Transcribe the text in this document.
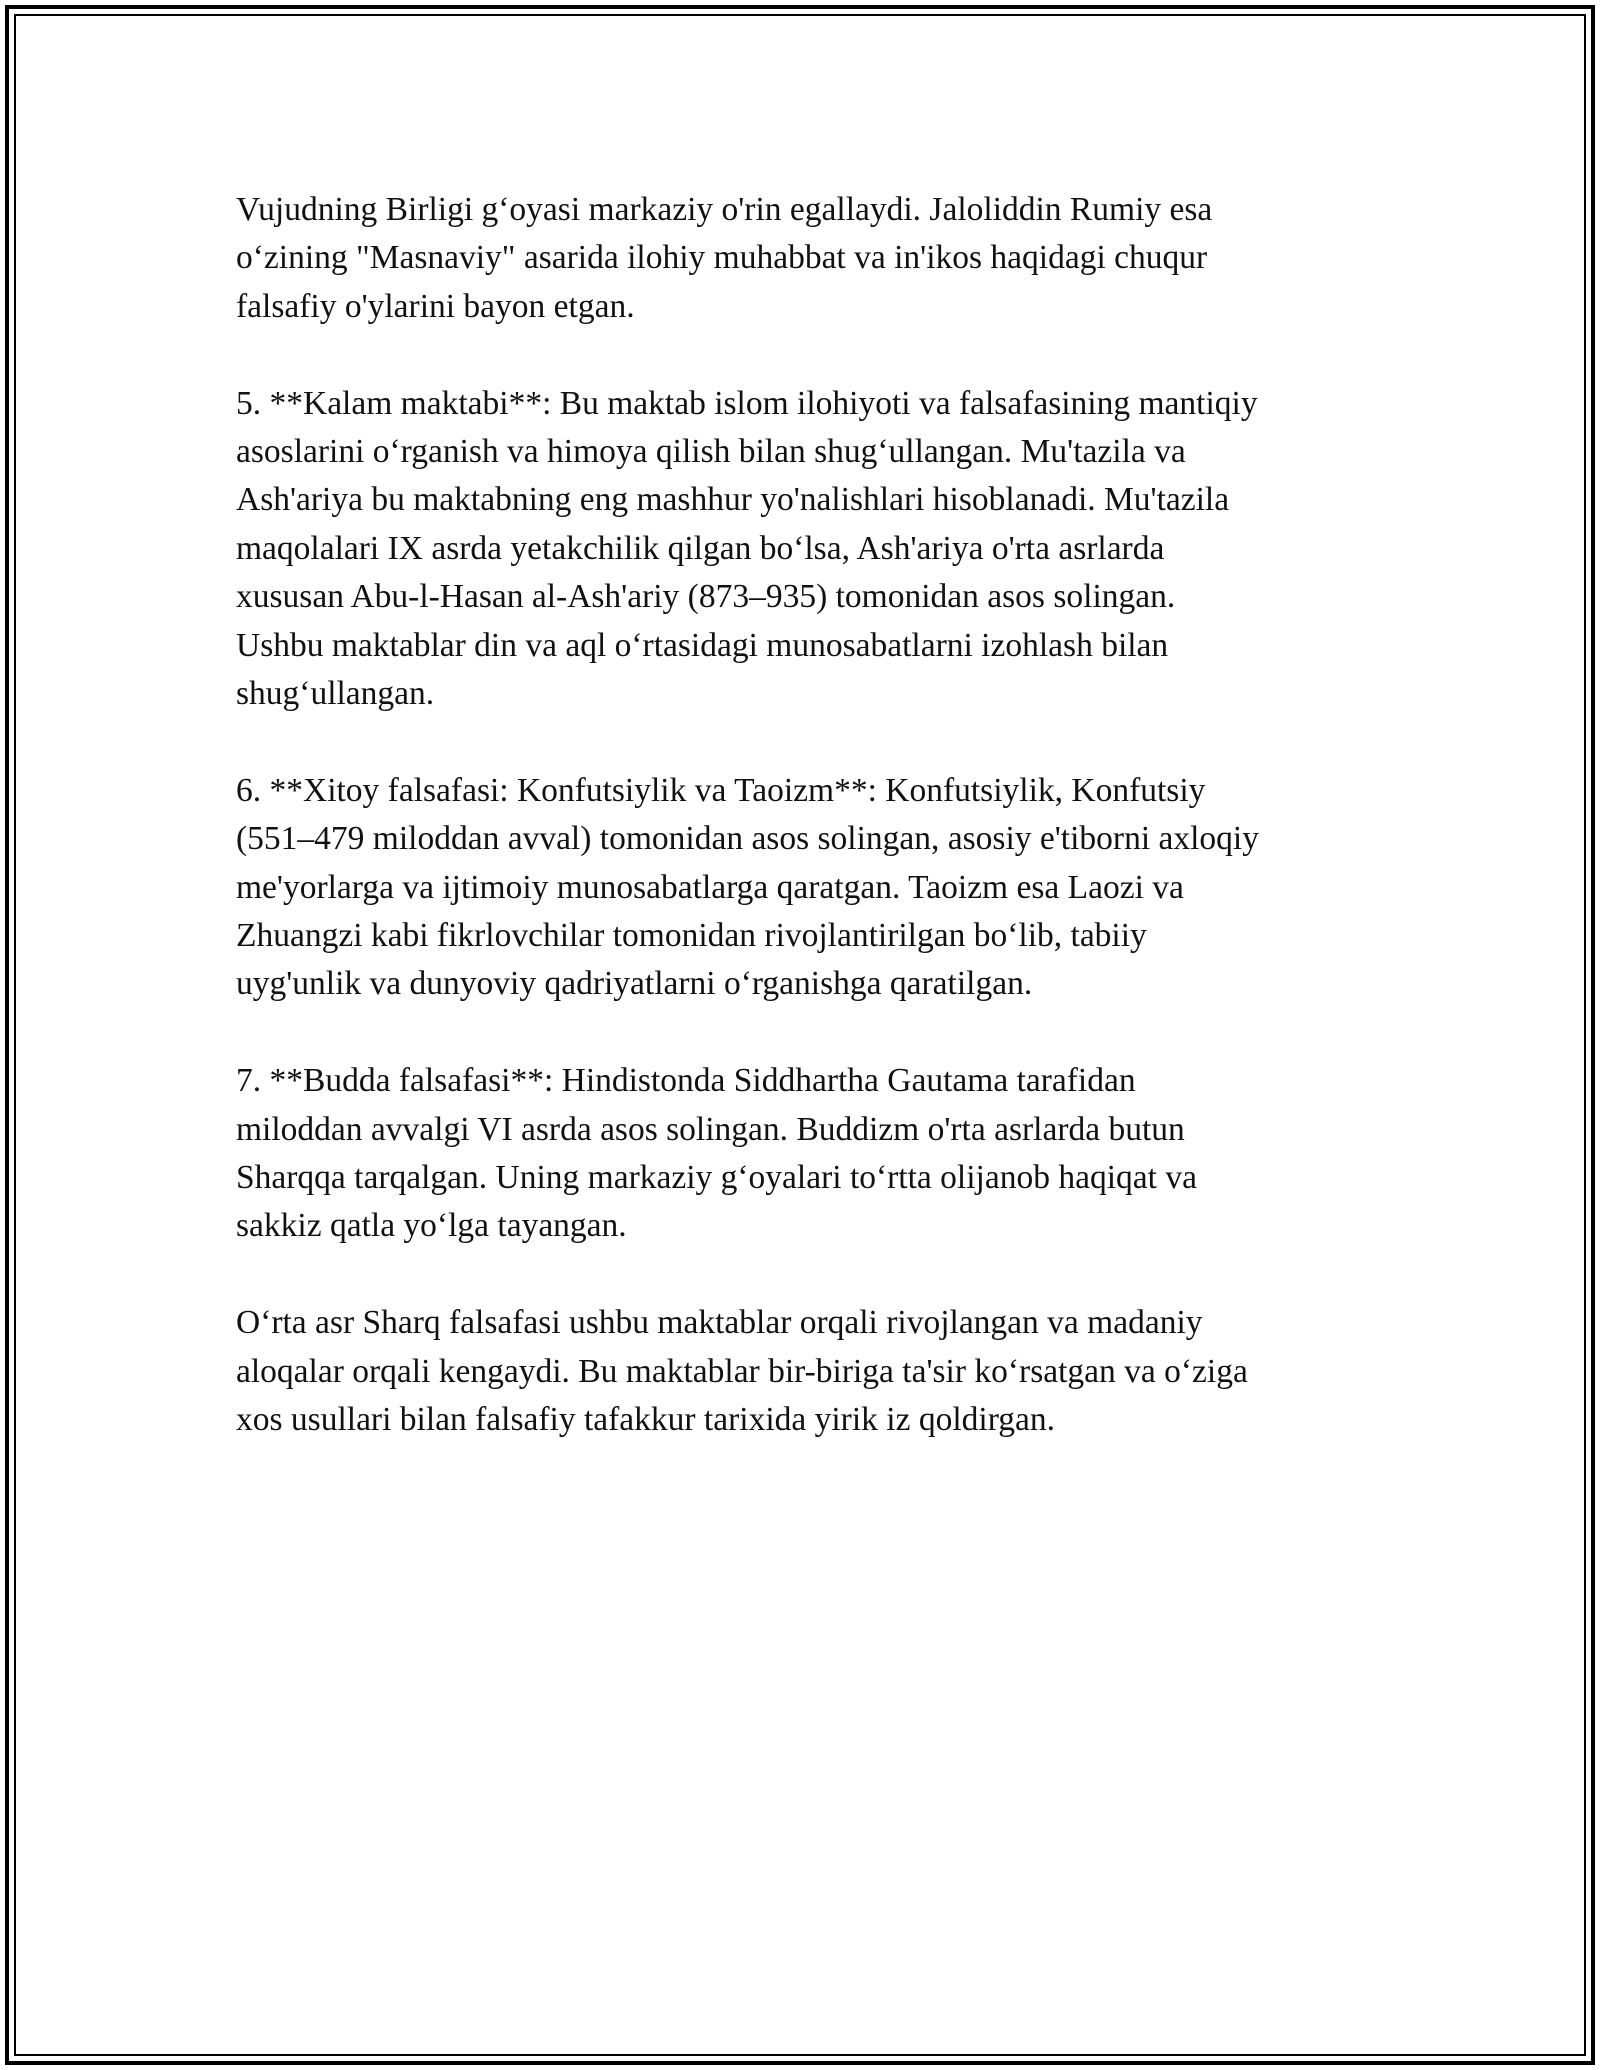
Vujudning Birligi g‘oyasi markaziy o'rin egallaydi. Jaloliddin Rumiy esa
o‘zining "Masnaviy" asarida ilohiy muhabbat va in'ikos haqidagi chuqur
falsafiy o'ylarini bayon etgan.

5. **Kalam maktabi**: Bu maktab islom ilohiyoti va falsafasining mantiqiy
asoslarini o‘rganish va himoya qilish bilan shug‘ullangan. Mu'tazila va
Ash'ariya bu maktabning eng mashhur yo'nalishlari hisoblanadi. Mu'tazila
maqolalari IX asrda yetakchilik qilgan bo‘lsa, Ash'ariya o'rta asrlarda
xususan Abu-l-Hasan al-Ash'ariy (873–935) tomonidan asos solingan.
Ushbu maktablar din va aql o‘rtasidagi munosabatlarni izohlash bilan
shug‘ullangan.

6. **Xitoy falsafasi: Konfutsiylik va Taoizm**: Konfutsiylik, Konfutsiy
(551–479 miloddan avval) tomonidan asos solingan, asosiy e'tiborni axloqiy
me'yorlarga va ijtimoiy munosabatlarga qaratgan. Taoizm esa Laozi va
Zhuangzi kabi fikrlovchilar tomonidan rivojlantirilgan bo‘lib, tabiiy
uyg'unlik va dunyoviy qadriyatlarni o‘rganishga qaratilgan.

7. **Budda falsafasi**: Hindistonda Siddhartha Gautama tarafidan
miloddan avvalgi VI asrda asos solingan. Buddizm o'rta asrlarda butun
Sharqqa tarqalgan. Uning markaziy g‘oyalari to‘rtta olijanob haqiqat va
sakkiz qatla yo‘lga tayangan.

O‘rta asr Sharq falsafasi ushbu maktablar orqali rivojlangan va madaniy
aloqalar orqali kengaydi. Bu maktablar bir-biriga ta'sir ko‘rsatgan va o‘ziga
xos usullari bilan falsafiy tafakkur tarixida yirik iz qoldirgan.
